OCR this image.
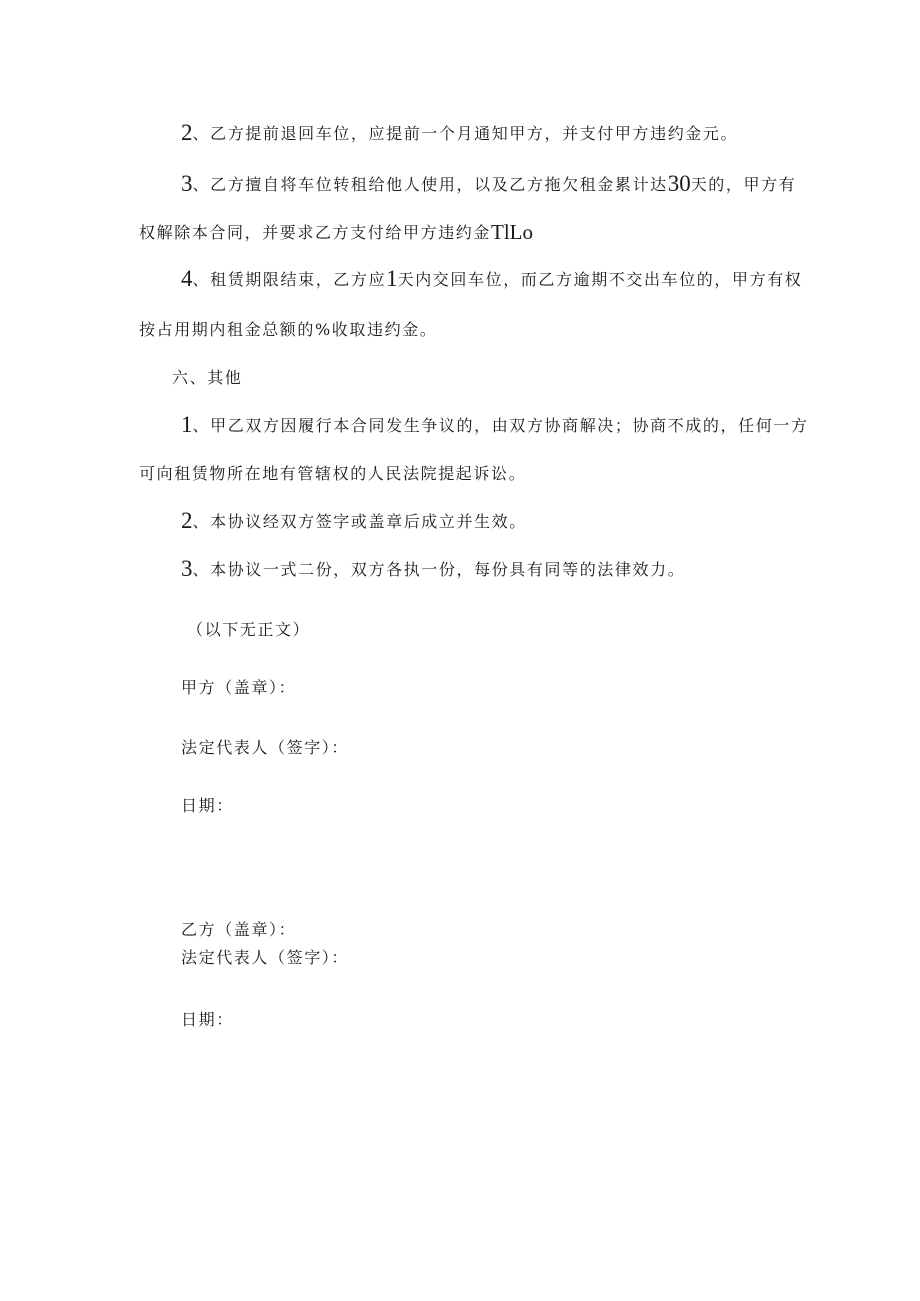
2、乙方提前退回车位，应提前一个月通知甲方，并支付甲方违约金元。
3、乙方擅自将车位转租给他人使用，以及乙方拖欠租金累计达30天的，甲方有
权解除本合同，并要求乙方支付给甲方违约金TlLo
4、租赁期限结束，乙方应1天内交回车位，而乙方逾期不交出车位的，甲方有权
按占用期内租金总额的%收取违约金。
六、其他
1、甲乙双方因履行本合同发生争议的，由双方协商解决；协商不成的，任何一方
可向租赁物所在地有管辖权的人民法院提起诉讼。
2、本协议经双方签字或盖章后成立并生效。
3、本协议一式二份，双方各执一份，每份具有同等的法律效力。
（以下无正文）
甲方（盖章）：
法定代表人（签字）：
日期：
乙方（盖章）：
法定代表人（签字）：
日期：
